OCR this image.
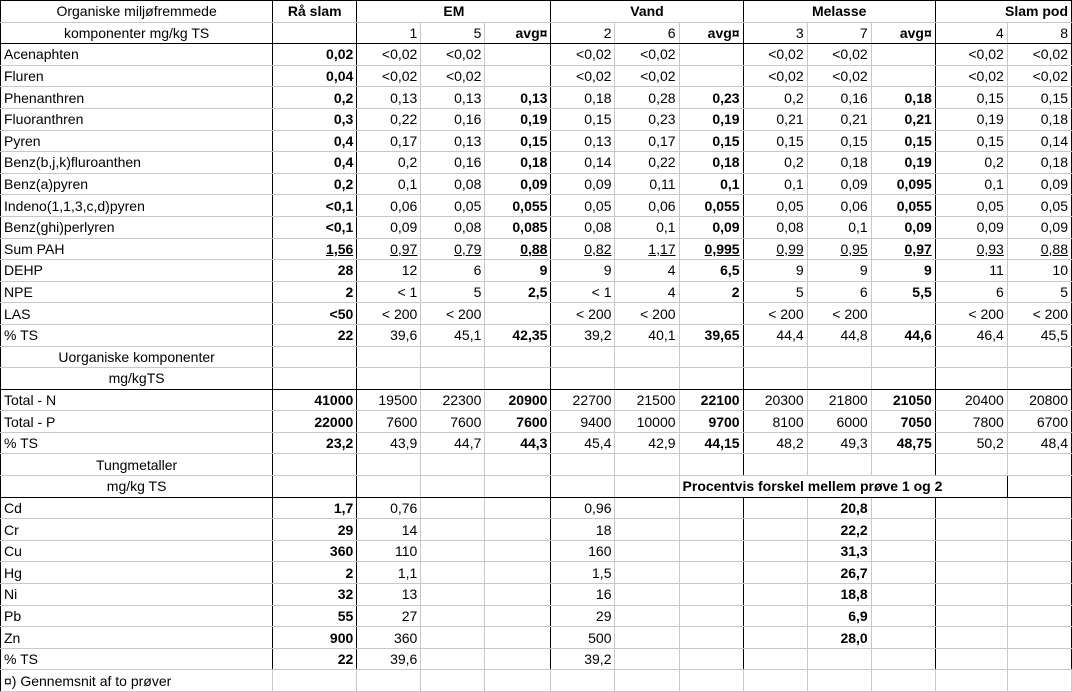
Organiske miljøfremmede	Rå slam	EM			Vand			Melasse			Slam pod	
komponenter mg/kg TS		1	5	avg¤	2	6	avg¤	3	7	avg¤	4	8
Acenaphten	0,02	<0,02	<0,02		<0,02	<0,02		<0,02	<0,02		<0,02	<0,02
Fluren	0,04	<0,02	<0,02		<0,02	<0,02		<0,02	<0,02		<0,02	<0,02
Phenanthren	0,2	0,13	0,13	0,13	0,18	0,28	0,23	0,2	0,16	0,18	0,15	0,15
Fluoranthren	0,3	0,22	0,16	0,19	0,15	0,23	0,19	0,21	0,21	0,21	0,19	0,18
Pyren	0,4	0,17	0,13	0,15	0,13	0,17	0,15	0,15	0,15	0,15	0,15	0,14
Benz(b,j,k)fluroanthen	0,4	0,2	0,16	0,18	0,14	0,22	0,18	0,2	0,18	0,19	0,2	0,18
Benz(a)pyren	0,2	0,1	0,08	0,09	0,09	0,11	0,1	0,1	0,09	0,095	0,1	0,09
Indeno(1,1,3,c,d)pyren	<0,1	0,06	0,05	0,055	0,05	0,06	0,055	0,05	0,06	0,055	0,05	0,05
Benz(ghi)perlyren	<0,1	0,09	0,08	0,085	0,08	0,1	0,09	0,08	0,1	0,09	0,09	0,09
Sum PAH	1,56	0,97	0,79	0,88	0,82	1,17	0,995	0,99	0,95	0,97	0,93	0,88
DEHP	28	12	6	9	9	4	6,5	9	9	9	11	10
NPE	2	< 1	5	2,5	< 1	4	2	5	6	5,5	6	5
LAS	<50	< 200	< 200		< 200	< 200		< 200	< 200		< 200	< 200
% TS	22	39,6	45,1	42,35	39,2	40,1	39,65	44,4	44,8	44,6	46,4	45,5
Uorganiske komponenter												
mg/kgTS												
Total - N	41000	19500	22300	20900	22700	21500	22100	20300	21800	21050	20400	20800
Total - P	22000	7600	7600	7600	9400	10000	9700	8100	6000	7050	7800	6700
% TS	23,2	43,9	44,7	44,3	45,4	42,9	44,15	48,2	49,3	48,75	50,2	48,4
Tungmetaller												
mg/kg TS							Procentvis forskel mellem prøve 1 og 2					
Cd	1,7	0,76			0,96				20,8			
Cr	29	14			18				22,2			
Cu	360	110			160				31,3			
Hg	2	1,1			1,5				26,7			
Ni	32	13			16				18,8			
Pb	55	27			29				6,9			
Zn	900	360			500				28,0			
% TS	22	39,6			39,2							
¤) Gennemsnit af to prøver												
